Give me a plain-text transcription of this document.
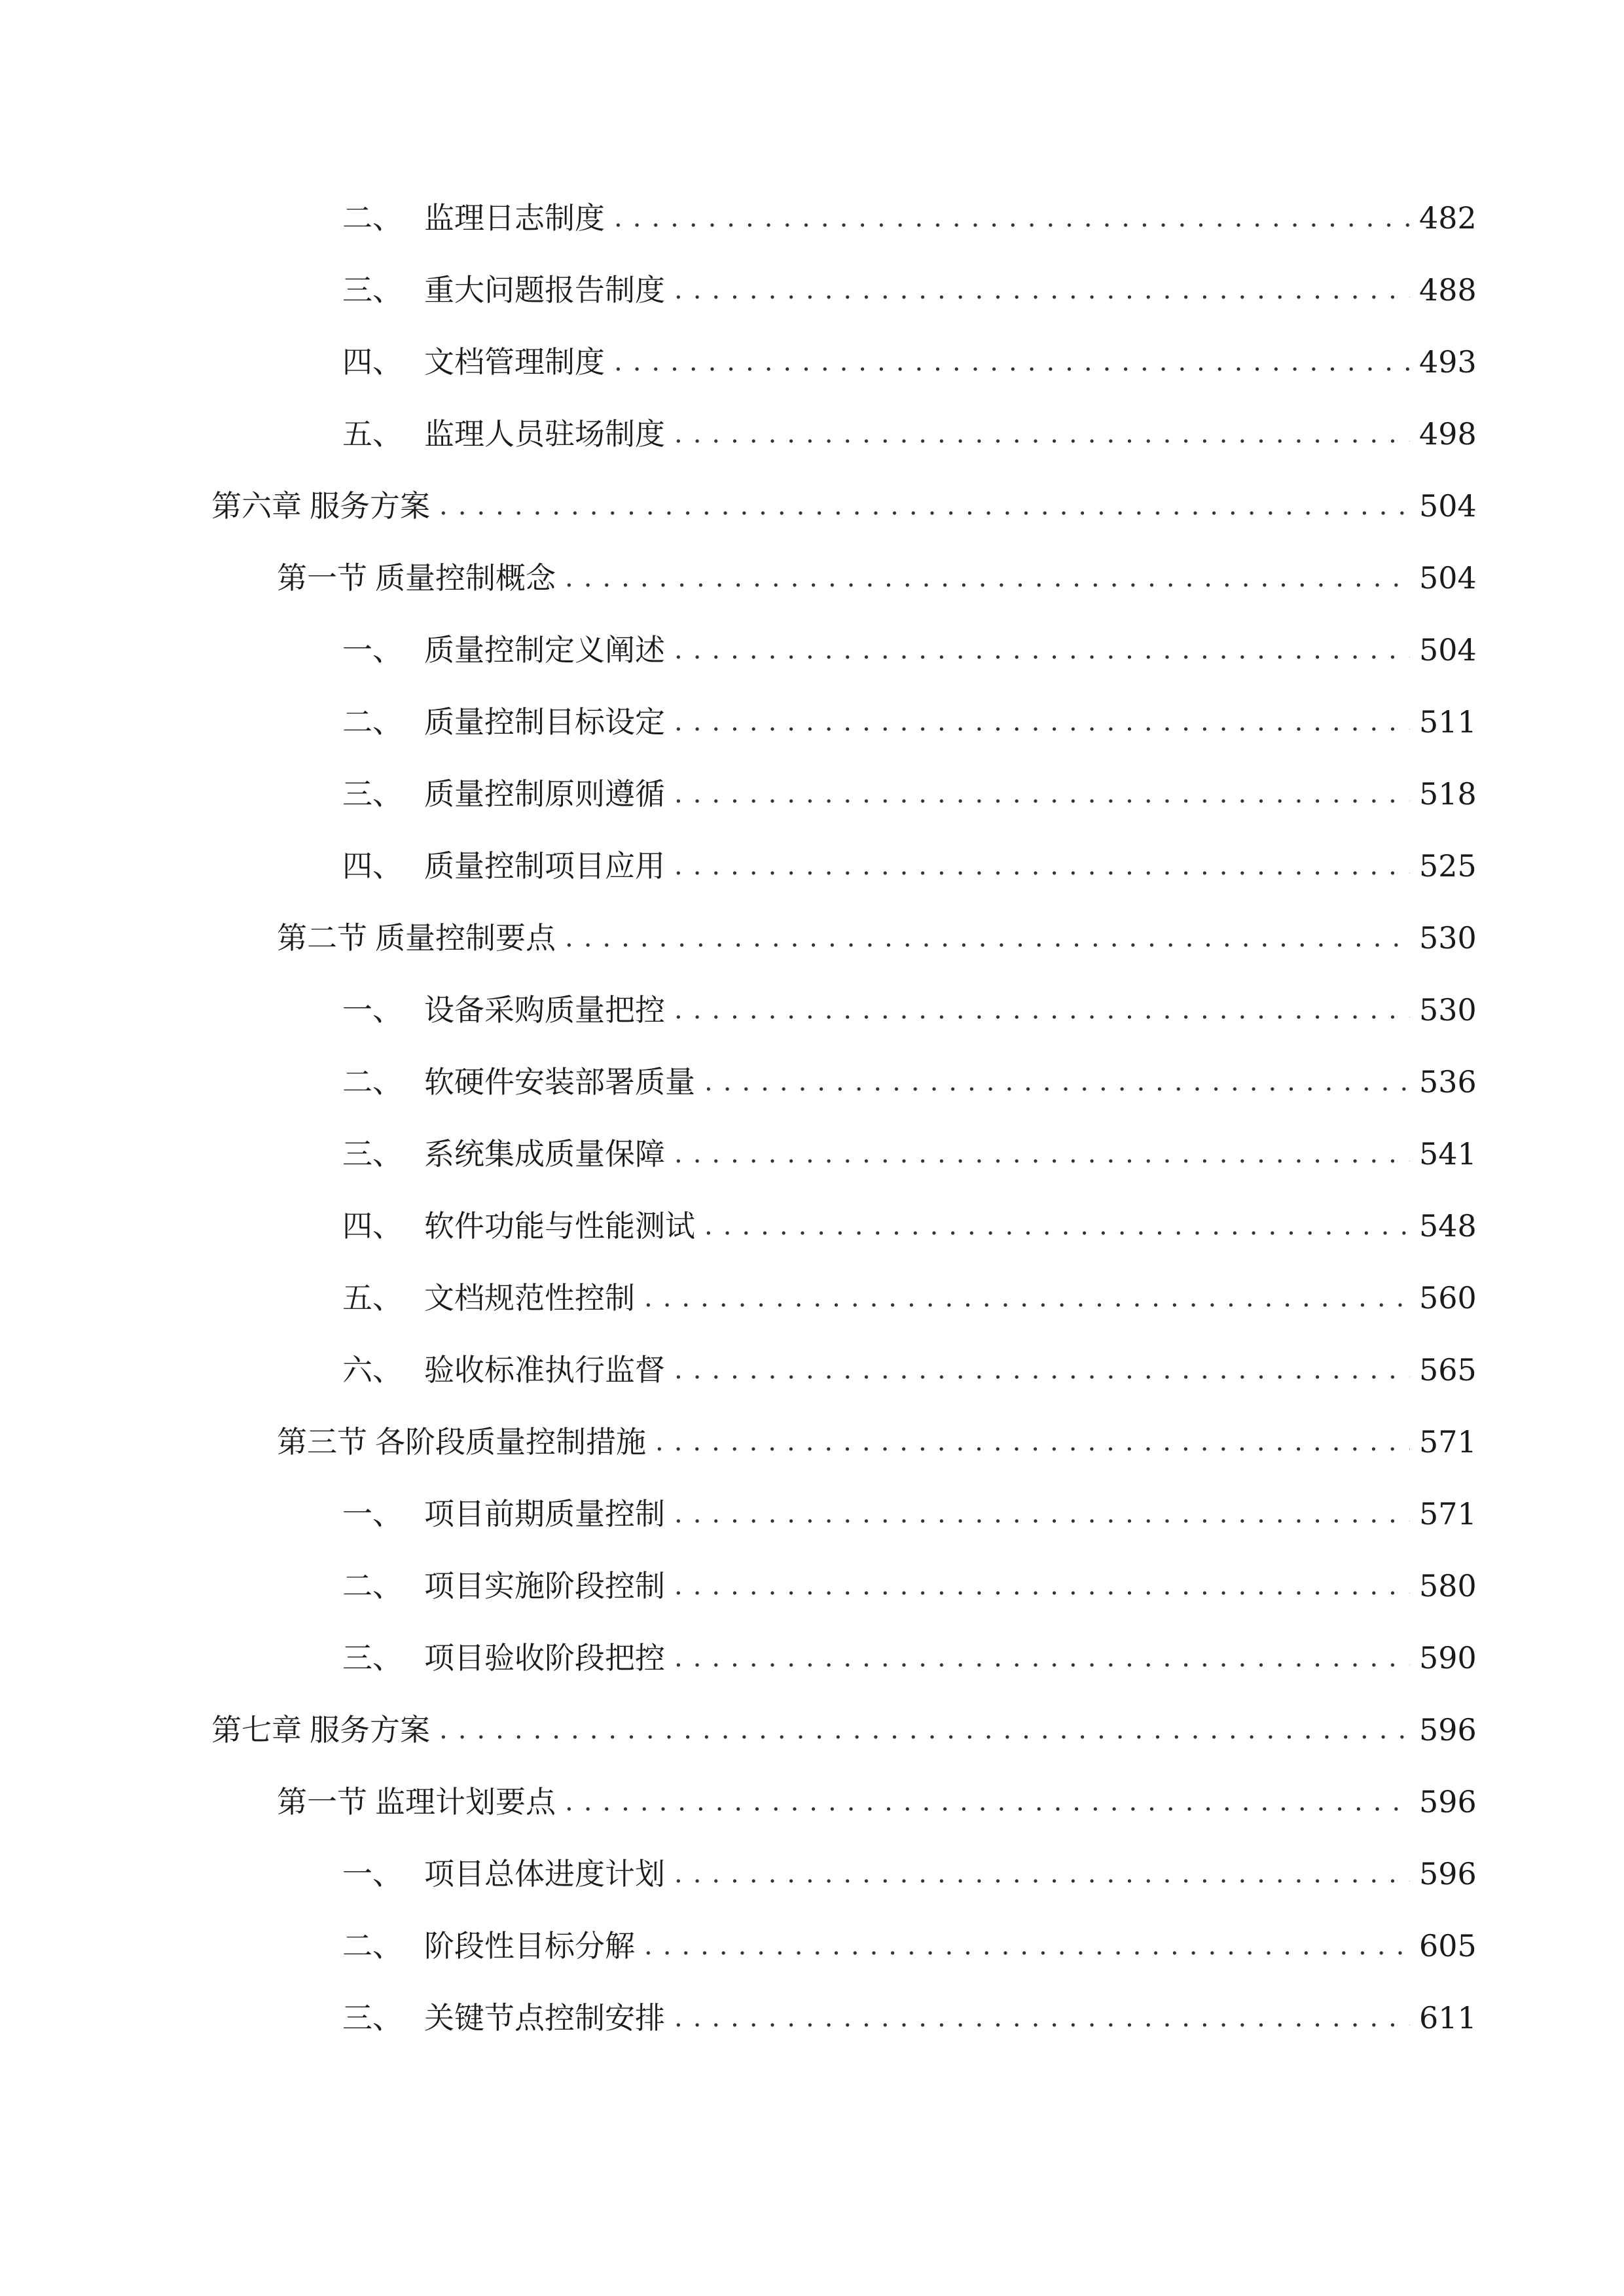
二、 监理日志制度 .....	482
三、 重大问题报告制度 .....	488
四、 文档管理制度 .....	493
五、 监理人员驻场制度 .....	498
第六章 服务方案 .....	504
第一节 质量控制概念 .....	504
一、 质量控制定义阐述 .....	504
二、 质量控制目标设定 .....	511
三、 质量控制原则遵循 .....	518
四、 质量控制项目应用 .....	525
第二节 质量控制要点 .....	530
一、 设备采购质量把控 .....	530
二、 软硬件安装部署质量 .....	536
三、 系统集成质量保障 .....	541
四、 软件功能与性能测试 .....	548
五、 文档规范性控制 .....	560
六、 验收标准执行监督 .....	565
第三节 各阶段质量控制措施 .....	571
一、 项目前期质量控制 .....	571
二、 项目实施阶段控制 .....	580
三、 项目验收阶段把控 .....	590
第七章 服务方案 .....	596
第一节 监理计划要点 .....	596
一、 项目总体进度计划 .....	596
二、 阶段性目标分解 .....	605
三、 关键节点控制安排 .....	611
